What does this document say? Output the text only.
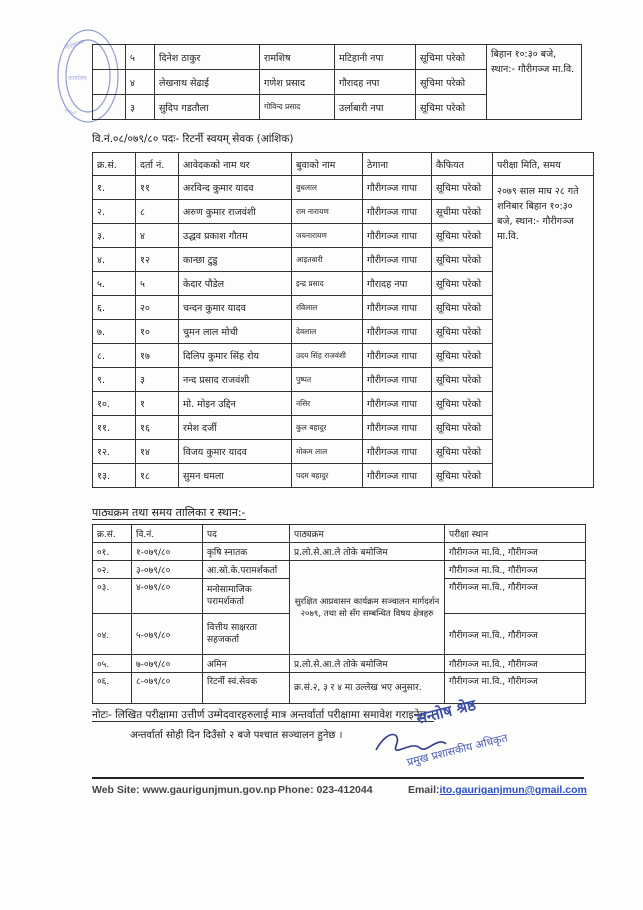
गौरीगञ्ज
कार्यालय
२०५२
	५	दिनेश ठाकुर	रामशिष	मटिहानी नपा	सूचिमा परेको	बिहान १०:३० बजे, स्थान:- गौरीगञ्ज मा.वि.
	४	लेखनाथ सेढाई	गणेश प्रसाद	गौरादह नपा	सूचिमा परेको	
	३	सुदिप गडतौला	गोविन्द प्रसाद	उर्लाबारी नपा	सूचिमा परेको	
वि.नं.०८/०७९/८० पदः- रिटर्नी स्वयम् सेवक (आंशिक)
क्र.सं.	दर्ता नं.	आवेदकको नाम थर	बुवाको नाम	ठेगाना	कैफियत	परीक्षा मिति, समय
१.	११	अरविन्द कुमार यादव	बुधलाल	गौरीगञ्ज गापा	सूचिमा परेको	२०७९ साल माघ २८ गते शनिबार बिहान १०:३० बजे, स्थान:- गौरीगञ्ज मा.वि.
२.	८	अरुण कुमार राजवंशी	राम नारायण	गौरीगञ्ज गापा	सूचीमा परेको	
३.	४	उद्धव प्रकाश गौतम	जयनारायण	गौरीगञ्ज गापा	सूचिमा परेको	
४.	१२	कान्छा टुडु	आइतवारी	गौरीगञ्ज गापा	सूचिमा परेको	
५.	५	केदार पौडेल	इन्द्र प्रसाद	गौरादह नपा	सूचिमा परेको	
६.	२०	चन्दन कुमार यादव	रविलाल	गौरीगञ्ज गापा	सूचिमा परेको	
७.	१०	चुमन लाल मोची	देवलाल	गौरीगञ्ज गापा	सूचिमा परेको	
८.	१७	दिलिप कुमार सिंह रोय	उदय सिंह राजवंशी	गौरीगञ्ज गापा	सूचिमा परेको	
९.	३	नन्द प्रसाद राजवंशी	पुष्पत	गौरीगञ्ज गापा	सूचिमा परेको	
१०.	१	मो. मोइन उद्दिन	नसिर	गौरीगञ्ज गापा	सूचिमा परेको	
११.	१६	रमेश दर्जी	कुल बहादुर	गौरीगञ्ज गापा	सूचिमा परेको	
१२.	१४	विजय कुमार यादव	मोकम लाल	गौरीगञ्ज गापा	सूचिमा परेको	
१३.	१८	सुमन धमला	पदम बहादुर	गौरीगञ्ज गापा	सूचिमा परेको	
पाठ्यक्रम तथा समय तालिका र स्थान:-
क्र.सं.	वि.नं.	पद	पाठ्यक्रम	परीक्षा स्थान
०१.	१-०७९/८०	कृषि स्नातक	प्र.लो.से.आ.ले तोके बमोजिम	गौरीगञ्ज मा.वि., गौरीगञ्ज
०२.	३-०७९/८०	आ.स्रो.के.परामर्शकर्ता	सुरक्षित आप्रवासन कार्यक्रम सञ्चालन मार्गदर्शन २०७९, तथा सो सँग सम्बन्धित विषय क्षेत्रहरु	गौरीगञ्ज मा.वि., गौरीगञ्ज
०३.	४-०७९/८०	मनोसामाजिक परामर्शकर्ता		गौरीगञ्ज मा.वि., गौरीगञ्ज
०४.	५-०७९/८०	वित्तीय साक्षरता सहजकर्ता		गौरीगञ्ज मा.वि., गौरीगञ्ज
०५.	७-०७९/८०	अमिन	प्र.लो.से.आ.ले तोके बमोजिम	गौरीगञ्ज मा.वि., गौरीगञ्ज
०६.	८-०७९/८०	रिटर्नी स्वं.सेवक	क्र.सं.२, ३ र ४ मा उल्लेख भए अनुसार.	गौरीगञ्ज मा.वि., गौरीगञ्ज
नोटः- लिखित परीक्षामा उत्तीर्ण उम्मेदवारहरुलाई मात्र अन्तर्वार्ता परीक्षामा समावेश गराइनेछ ।
अन्तर्वार्ता सोही दिन दिउँसो २ बजे पश्चात सञ्चालन हुनेछ ।
सन्तोष श्रेष्ठ
प्रमुख प्रशासकीय अधिकृत
Web Site: www.gaurigunjmun.gov.np Phone: 023-412044	Email:ito.gauriganjmun@gmail.com
